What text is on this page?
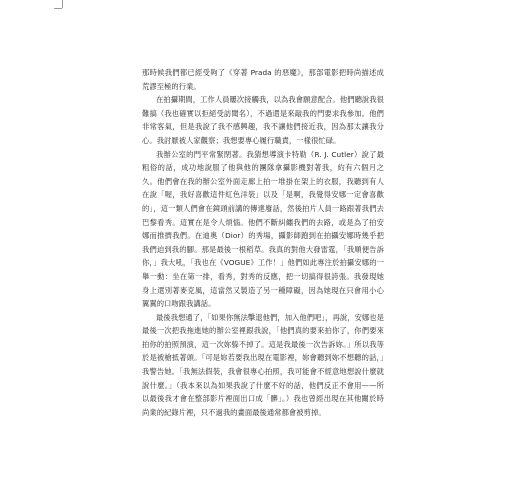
那時候我們都已經受夠了《穿著 Prada 的惡魔》，那部電影把時尚描述成荒謬至極的行業。

在拍攝期間，工作人員屢次接觸我，以為我會願意配合。他們聽說我很難搞（我也確實以拒絕受訪聞名），不過還是來敲我的門要求我參加。他們非常客氣，但是我說了我不感興趣，我不讓他們接近我，因為那太讓我分心。我討厭被人家觀察；我想要專心履行職責，一樣很忙碌。

我辦公室的門平常緊閉著。我猜想導演卡特勒（R. J. Cutler）說了最粗俗的話，成功地說服了他與他的團隊拿攝影機對著我，約有六個月之久。他們會在我的辦公室外面走廊上拍一堆掛在架上的衣服，我聽到有人在說「喔，我好喜歡這件紅色洋裝」以及「是啊，我覺得安娜一定會喜歡的」，這一類人們會在鏡頭前講的傳達廢話，然後拍片人員一路跟著我們去巴黎看秀。這實在是令人煩惱。他們不斷糾纏我們的去路，或是為了拍安娜而推擠我們。在迪奧（Dior）的秀場，攝影師跑到在拍攝安娜時幾乎把我們迫到我的腳。那是最後一根稻草。我真的對他大發雷霆，「我順便告訴你，」我大吼，「我也在《VOGUE》工作！」他們如此專注於拍攝安娜的一舉一動：坐在第一排，看秀，對秀的反應，把一切搞得很誇張。我發現她身上還別著麥克風，這當然又製造了另一種障礙，因為她現在只會用小心翼翼的口吻跟我講話。

最後我想通了，「如果你無法擊退他們，加入他們吧」，再說，安娜也是最後一次把我拖進她的辦公室裡跟我說，「他們真的要來拍你了，你們要來拍你的拍照預演，這一次妳躲不掉了。這是我最後一次告訴妳。」所以我等於是被槍抵著頭。「可是妳若要我出現在電影裡，妳會聽到妳不想聽的話，」我警告她。「我無法假裝，我會很專心拍照，我可能會不經意地想說什麼就說什麼。」（我本來以為如果我說了什麼不好的話，他們反正不會用——所以最後我才會在整部影片裡面出口成「髒」。）我也曾經出現在其他關於時尚業的紀錄片裡，只不過我的畫面最後通常都會被剪掉。
